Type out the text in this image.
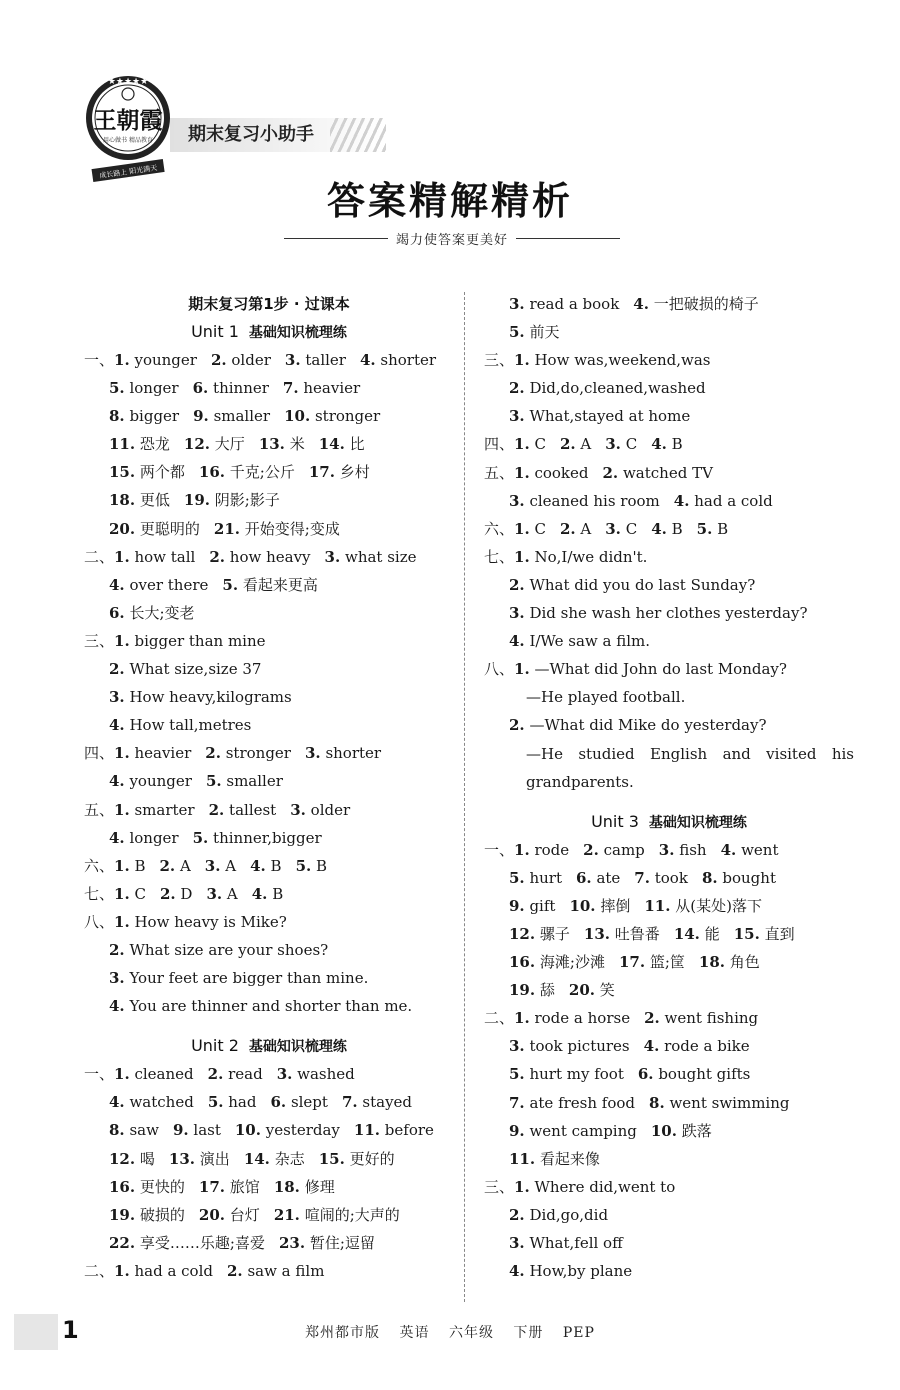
★★★★★
王朝霞
用心做书 精品教育
成长路上 阳光满天
期末复习小助手
答案精解精析
竭力使答案更美好
期末复习第1步 · 过课本
Unit 1 基础知识梳理练
一、1. younger 2. older 3. taller 4. shorter
5. longer 6. thinner 7. heavier
8. bigger 9. smaller 10. stronger
11. 恐龙 12. 大厅 13. 米 14. 比
15. 两个都 16. 千克;公斤 17. 乡村
18. 更低 19. 阴影;影子
20. 更聪明的 21. 开始变得;变成
二、1. how tall 2. how heavy 3. what size
4. over there 5. 看起来更高
6. 长大;变老
三、1. bigger than mine
2. What size,size 37
3. How heavy,kilograms
4. How tall,metres
四、1. heavier 2. stronger 3. shorter
4. younger 5. smaller
五、1. smarter 2. tallest 3. older
4. longer 5. thinner,bigger
六、1. B 2. A 3. A 4. B 5. B
七、1. C 2. D 3. A 4. B
八、1. How heavy is Mike?
2. What size are your shoes?
3. Your feet are bigger than mine.
4. You are thinner and shorter than me.
Unit 2 基础知识梳理练
一、1. cleaned 2. read 3. washed
4. watched 5. had 6. slept 7. stayed
8. saw 9. last 10. yesterday 11. before
12. 喝 13. 演出 14. 杂志 15. 更好的
16. 更快的 17. 旅馆 18. 修理
19. 破损的 20. 台灯 21. 喧闹的;大声的
22. 享受……乐趣;喜爱 23. 暂住;逗留
二、1. had a cold 2. saw a film
3. read a book 4. 一把破损的椅子
5. 前天
三、1. How was,weekend,was
2. Did,do,cleaned,washed
3. What,stayed at home
四、1. C 2. A 3. C 4. B
五、1. cooked 2. watched TV
3. cleaned his room 4. had a cold
六、1. C 2. A 3. C 4. B 5. B
七、1. No,I/we didn't.
2. What did you do last Sunday?
3. Did she wash her clothes yesterday?
4. I/We saw a film.
八、1. —What did John do last Monday?
—He played football.
2. —What did Mike do yesterday?
—He studied English and visited his
grandparents.
Unit 3 基础知识梳理练
一、1. rode 2. camp 3. fish 4. went
5. hurt 6. ate 7. took 8. bought
9. gift 10. 摔倒 11. 从(某处)落下
12. 骡子 13. 吐鲁番 14. 能 15. 直到
16. 海滩;沙滩 17. 篮;筐 18. 角色
19. 舔 20. 笑
二、1. rode a horse 2. went fishing
3. took pictures 4. rode a bike
5. hurt my foot 6. bought gifts
7. ate fresh food 8. went swimming
9. went camping 10. 跌落
11. 看起来像
三、1. Where did,went to
2. Did,go,did
3. What,fell off
4. How,by plane
1	郑州都市版 英语 六年级 下册 PEP
